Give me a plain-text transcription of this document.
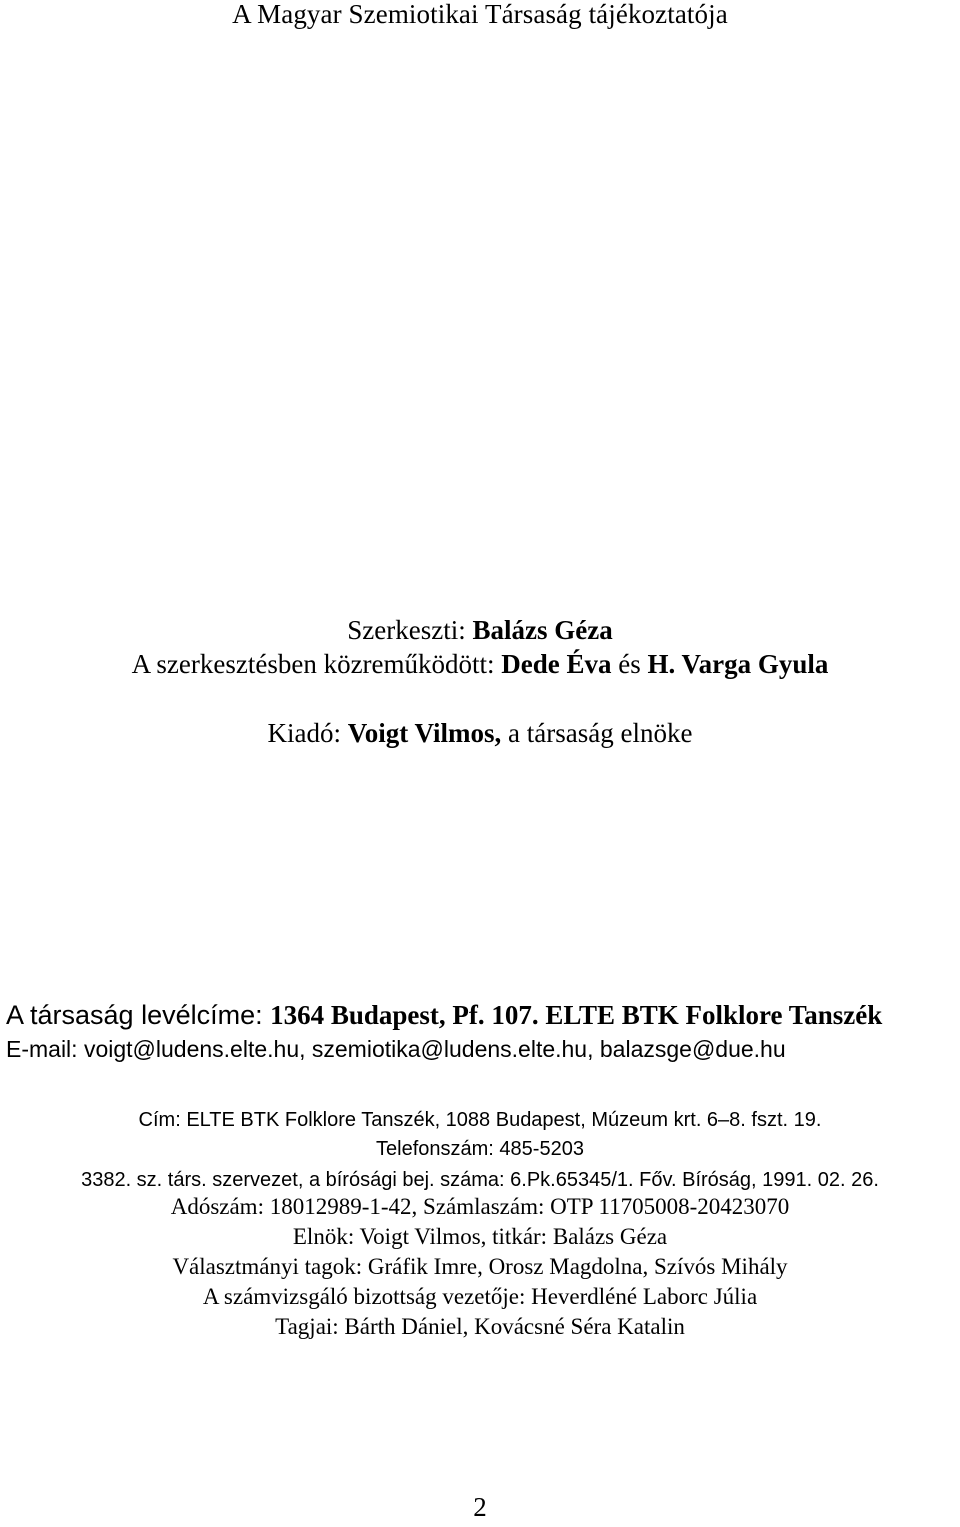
A Magyar Szemiotikai Társaság tájékoztatója
Szerkeszti: Balázs Géza
A szerkesztésben közreműködött: Dede Éva és H. Varga Gyula
Kiadó: Voigt Vilmos, a társaság elnöke
A társaság levélcíme: 1364 Budapest, Pf. 107. ELTE BTK Folklore Tanszék
E-mail: voigt@ludens.elte.hu, szemiotika@ludens.elte.hu, balazsge@due.hu
Cím: ELTE BTK Folklore Tanszék, 1088 Budapest, Múzeum krt. 6–8. fszt. 19.
Telefonszám: 485-5203
3382. sz. társ. szervezet, a bírósági bej. száma: 6.Pk.65345/1. Főv. Bíróság, 1991. 02. 26.
Adószám: 18012989-1-42, Számlaszám: OTP 11705008-20423070
Elnök: Voigt Vilmos, titkár: Balázs Géza
Választmányi tagok: Gráfik Imre, Orosz Magdolna, Szívós Mihály
A számvizsgáló bizottság vezetője: Heverdléné Laborc Júlia
Tagjai: Bárth Dániel, Kovácsné Séra Katalin
2
